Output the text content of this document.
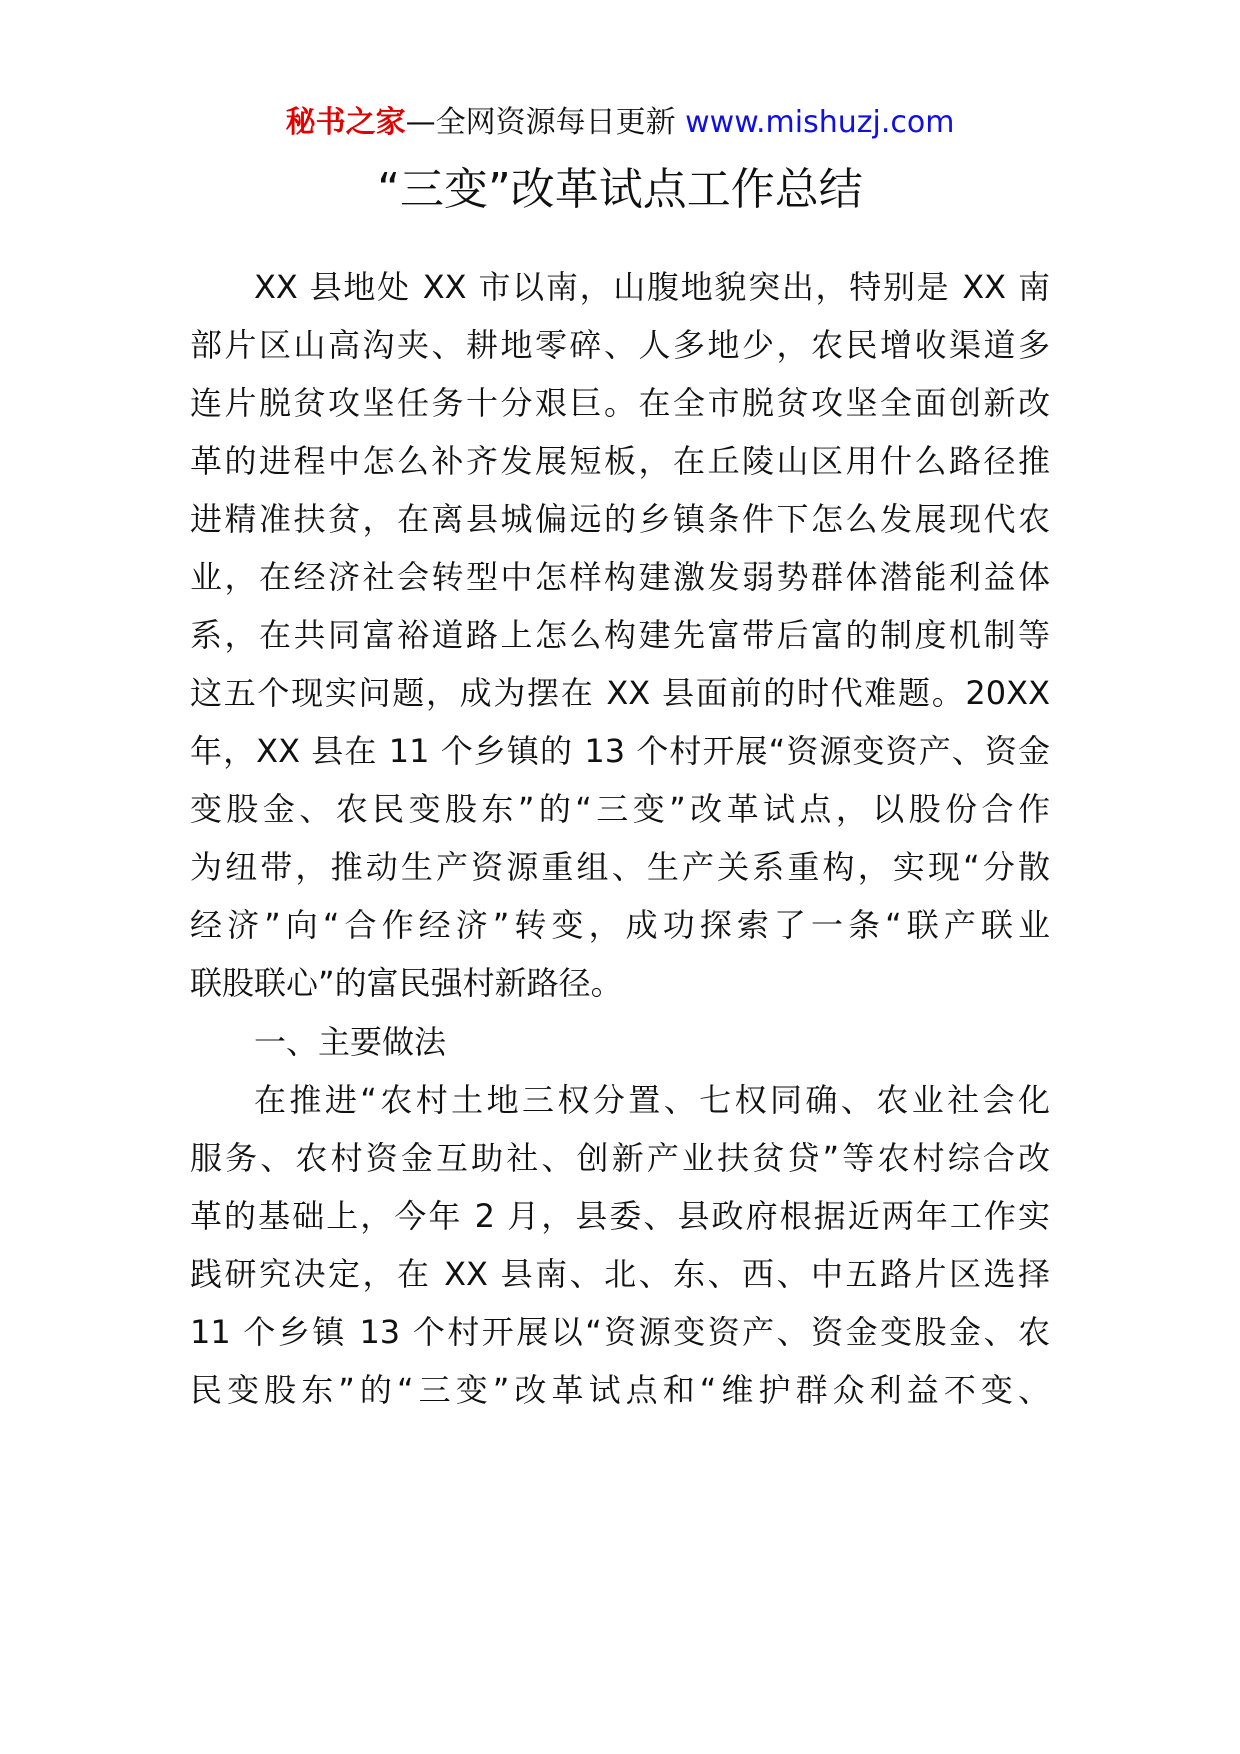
秘书之家—全网资源每日更新 www.mishuzj.com
“三变”改革试点工作总结
XX 县地处 XX 市以南，山腹地貌突出，特别是 XX 南
部片区山高沟夹、耕地零碎、人多地少，农民增收渠道多
连片脱贫攻坚任务十分艰巨。在全市脱贫攻坚全面创新改
革的进程中怎么补齐发展短板，在丘陵山区用什么路径推
进精准扶贫，在离县城偏远的乡镇条件下怎么发展现代农
业，在经济社会转型中怎样构建激发弱势群体潜能利益体
系，在共同富裕道路上怎么构建先富带后富的制度机制等
这五个现实问题，成为摆在 XX 县面前的时代难题。20XX
年，XX 县在 11 个乡镇的 13 个村开展“资源变资产、资金
变股金、农民变股东”的“三变”改革试点，以股份合作
为纽带，推动生产资源重组、生产关系重构，实现“分散
经济”向“合作经济”转变，成功探索了一条“联产联业
联股联心”的富民强村新路径。
一、主要做法
在推进“农村土地三权分置、七权同确、农业社会化
服务、农村资金互助社、创新产业扶贫贷”等农村综合改
革的基础上，今年 2 月，县委、县政府根据近两年工作实
践研究决定，在 XX 县南、北、东、西、中五路片区选择
11 个乡镇 13 个村开展以“资源变资产、资金变股金、农
民变股东”的“三变”改革试点和“维护群众利益不变、
